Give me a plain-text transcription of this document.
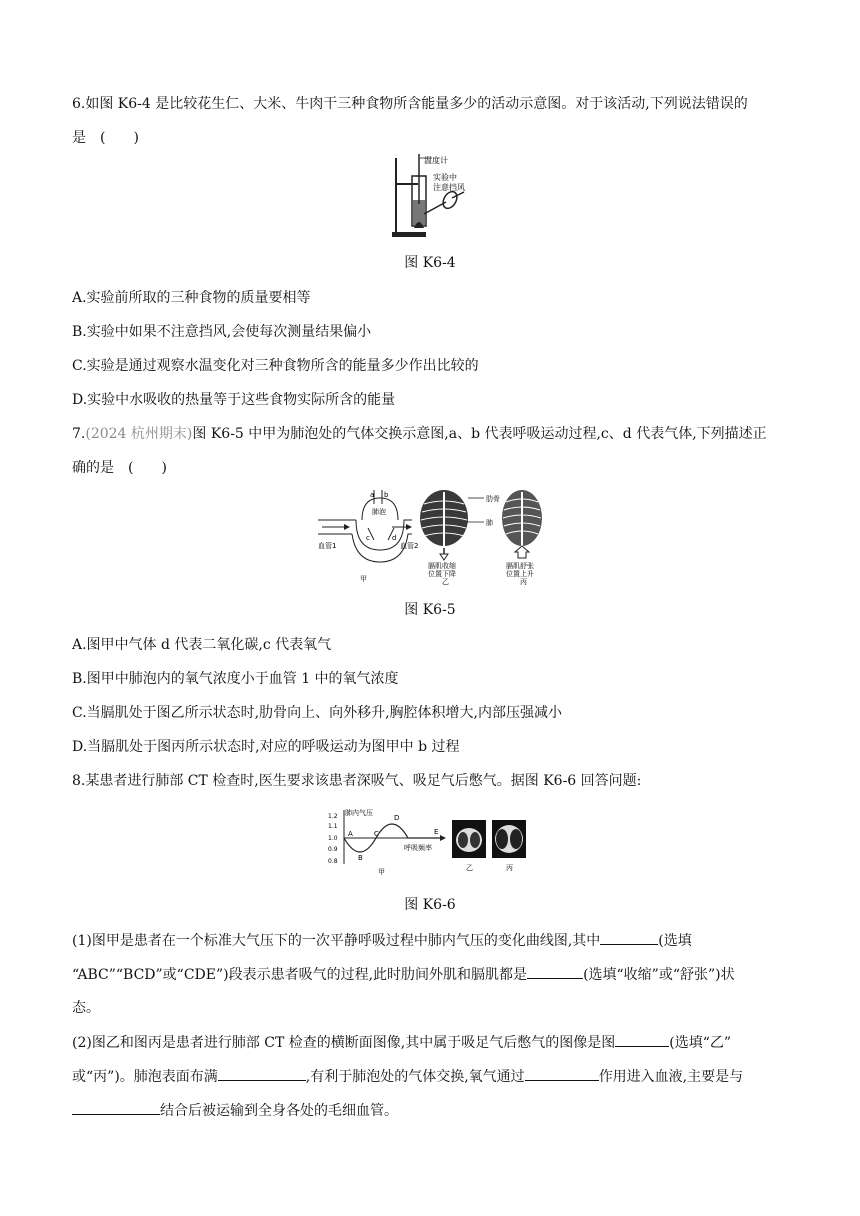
6.如图 K6-4 是比较花生仁、大米、牛肉干三种食物所含能量多少的活动示意图。对于该活动,下列说法错误的
是　(　　)
温度计
实验中
注意挡风
图 K6-4
A.实验前所取的三种食物的质量要相等
B.实验中如果不注意挡风,会使每次测量结果偏小
C.实验是通过观察水温变化对三种食物所含的能量多少作出比较的
D.实验中水吸收的热量等于这些食物实际所含的能量
7.(2024 杭州期末)图 K6-5 中甲为肺泡处的气体交换示意图,a、b 代表呼吸运动过程,c、d 代表气体,下列描述正
确的是　(　　)
a b
c	d
肺泡
血管1	血管2
甲
肋骨
肺
膈肌收缩
位置下降
乙
膈肌舒张
位置上升
丙
图 K6-5
A.图甲中气体 d 代表二氧化碳,c 代表氧气
B.图甲中肺泡内的氧气浓度小于血管 1 中的氧气浓度
C.当膈肌处于图乙所示状态时,肋骨向上、向外移升,胸腔体积增大,内部压强减小
D.当膈肌处于图丙所示状态时,对应的呼吸运动为图甲中 b 过程
8.某患者进行肺部 CT 检查时,医生要求该患者深吸气、吸足气后憋气。据图 K6-6 回答问题:
肺内气压
1.2
1.1
1.0
0.9
0.8
A
B
C
D
E
呼吸频率
甲	乙	丙
图 K6-6
(1)图甲是患者在一个标准大气压下的一次平静呼吸过程中肺内气压的变化曲线图,其中	(选填
“ABC”“BCD”或“CDE”)段表示患者吸气的过程,此时肋间外肌和膈肌都是	(选填“收缩”或“舒张”)状
态。
(2)图乙和图丙是患者进行肺部 CT 检查的横断面图像,其中属于吸足气后憋气的图像是图	(选填“乙”
或“丙”)。肺泡表面布满	,有利于肺泡处的气体交换,氧气通过	作用进入血液,主要是与
结合后被运输到全身各处的毛细血管。
